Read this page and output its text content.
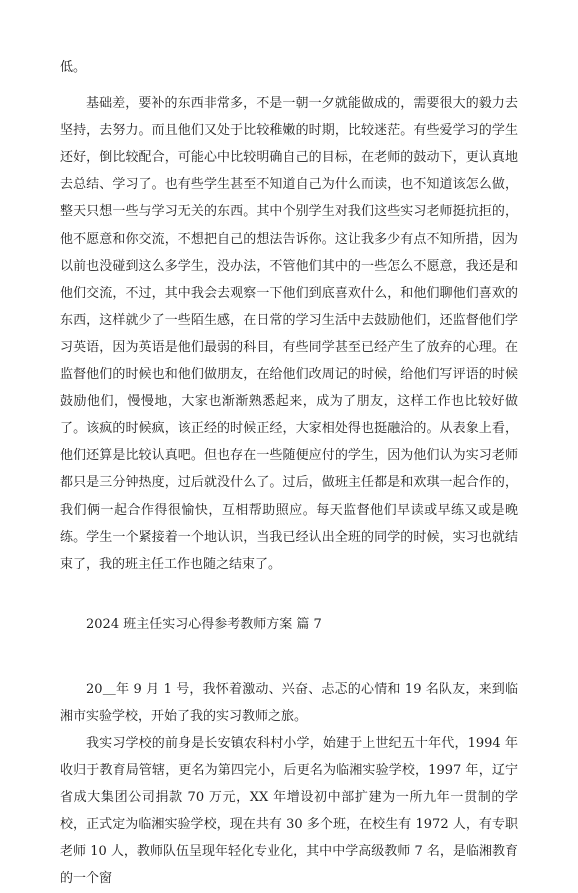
低。

基础差，要补的东西非常多，不是一朝一夕就能做成的，需要很大的毅力去坚持，去努力。而且他们又处于比较稚嫩的时期，比较迷茫。有些爱学习的学生还好，倒比较配合，可能心中比较明确自己的目标，在老师的鼓动下，更认真地去总结、学习了。也有些学生甚至不知道自己为什么而读，也不知道该怎么做，整天只想一些与学习无关的东西。其中个别学生对我们这些实习老师挺抗拒的，他不愿意和你交流，不想把自己的想法告诉你。这让我多少有点不知所措，因为以前也没碰到这么多学生，没办法，不管他们其中的一些怎么不愿意，我还是和他们交流，不过，其中我会去观察一下他们到底喜欢什么，和他们聊他们喜欢的东西，这样就少了一些陌生感，在日常的学习生活中去鼓励他们，还监督他们学习英语，因为英语是他们最弱的科目，有些同学甚至已经产生了放弃的心理。在监督他们的时候也和他们做朋友，在给他们改周记的时候，给他们写评语的时候鼓励他们，慢慢地，大家也渐渐熟悉起来，成为了朋友，这样工作也比较好做了。该疯的时候疯，该正经的时候正经，大家相处得也挺融洽的。从表象上看，他们还算是比较认真吧。但也存在一些随便应付的学生，因为他们认为实习老师都只是三分钟热度，过后就没什么了。过后，做班主任都是和欢琪一起合作的，我们俩一起合作得很愉快，互相帮助照应。每天监督他们早读或早练又或是晚练。学生一个紧接着一个地认识，当我已经认出全班的同学的时候，实习也就结束了，我的班主任工作也随之结束了。

2024 班主任实习心得参考教师方案 篇 7

20＿年 9 月 1 号，我怀着激动、兴奋、忐忑的心情和 19 名队友，来到临湘市实验学校，开始了我的实习教师之旅。

我实习学校的前身是长安镇农科村小学，始建于上世纪五十年代，1994 年收归于教育局管辖，更名为第四完小，后更名为临湘实验学校，1997 年，辽宁省成大集团公司捐款 70 万元，XX 年增设初中部扩建为一所九年一贯制的学校，正式定为临湘实验学校，现在共有 30 多个班，在校生有 1972 人，有专职老师 10 人，教师队伍呈现年轻化专业化，其中中学高级教师 7 名，是临湘教育的一个窗
